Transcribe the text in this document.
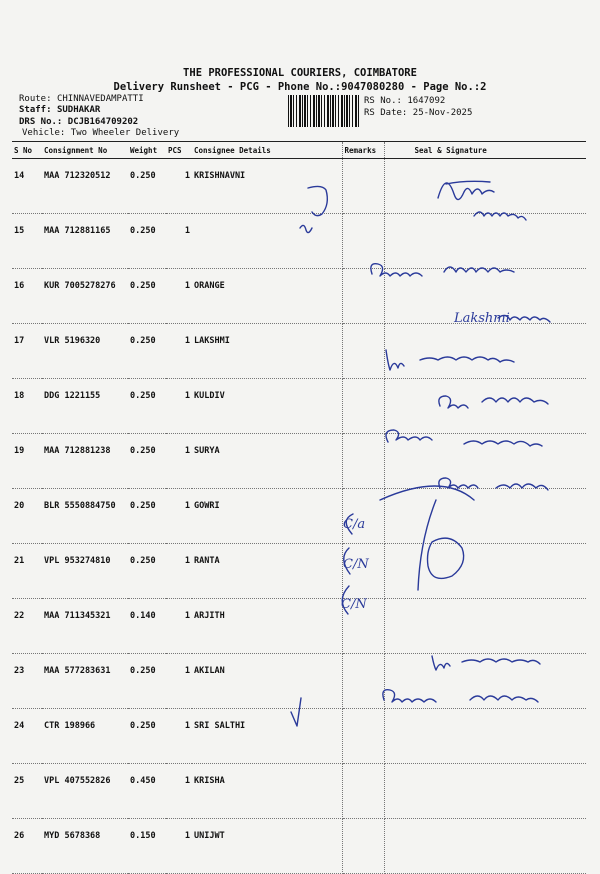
THE PROFESSIONAL COURIERS, COIMBATORE
Delivery Runsheet - PCG - Phone No.:9047080280 - Page No.:2
Route: CHINNAVEDAMPATTI
Staff: SUDHAKAR
DRS No.: DCJB164709202
Vehicle: Two Wheeler Delivery
RS No.: 1647092
RS Date: 25-Nov-2025
S No	Consignment No	Weight	PCS	Consignee Details	Remarks	Seal & Signature
14	MAA 712320512	0.250	1	KRISHNAVNI		
15	MAA 712881165	0.250	1			
16	KUR 7005278276	0.250	1	ORANGE		
17	VLR 5196320	0.250	1	LAKSHMI		
18	DDG 1221155	0.250	1	KULDIV		
19	MAA 712881238	0.250	1	SURYA		
20	BLR 5550884750	0.250	1	GOWRI		
21	VPL 953274810	0.250	1	RANTA		
22	MAA 711345321	0.140	1	ARJITH		
23	MAA 577283631	0.250	1	AKILAN		
24	CTR 198966	0.250	1	SRI SALTHI		
25	VPL 407552826	0.450	1	KRISHA		
26	MYD 5678368	0.150	1	UNIJWT		
C/a
C/N
C/N
Lakshmi
